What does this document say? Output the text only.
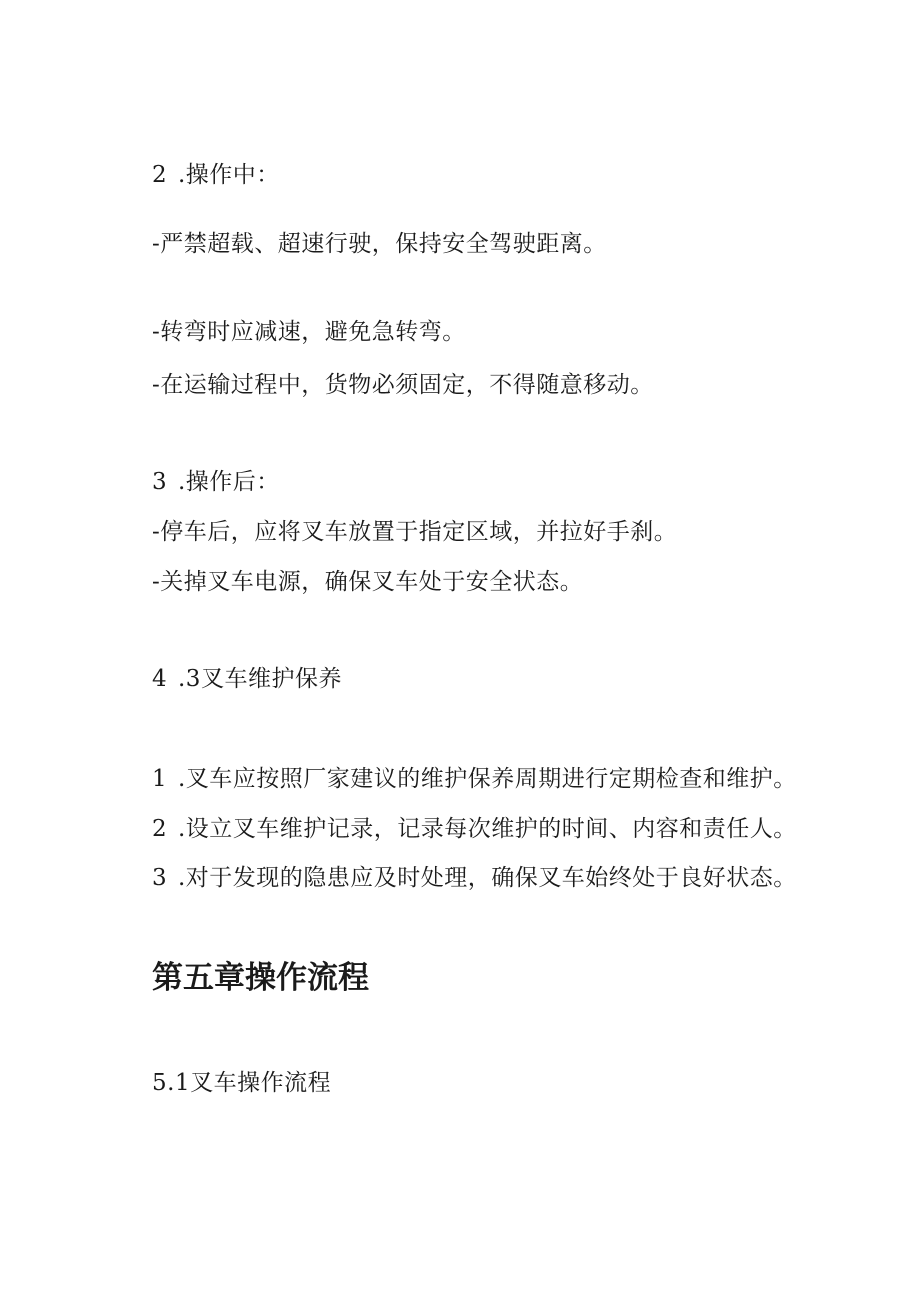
2 .操作中：
-严禁超载、超速行驶，保持安全驾驶距离。
-转弯时应减速，避免急转弯。
-在运输过程中，货物必须固定，不得随意移动。
3 .操作后：
-停车后，应将叉车放置于指定区域，并拉好手刹。
-关掉叉车电源，确保叉车处于安全状态。
4 .3叉车维护保养
1 .叉车应按照厂家建议的维护保养周期进行定期检查和维护。
2 .设立叉车维护记录，记录每次维护的时间、内容和责任人。
3 .对于发现的隐患应及时处理，确保叉车始终处于良好状态。
第五章操作流程
5.1叉车操作流程
